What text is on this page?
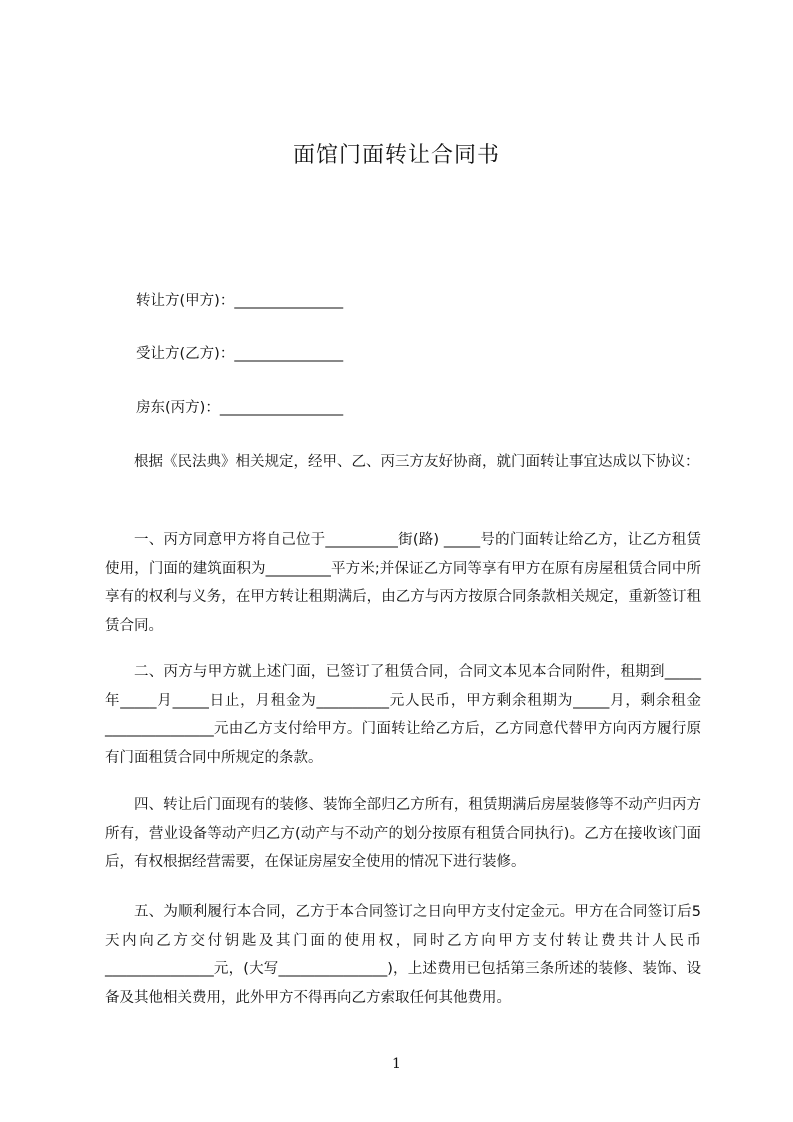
面馆门面转让合同书
转让方(甲方)：_______________
受让方(乙方)：_______________
房东(丙方)：_________________

根据《民法典》相关规定，经甲、乙、丙三方友好协商，就门面转让事宜达成以下协议：

一、丙方同意甲方将自己位于__________街(路) _____号的门面转让给乙方，让乙方租赁使用，门面的建筑面积为_________平方米;并保证乙方同等享有甲方在原有房屋租赁合同中所享有的权利与义务，在甲方转让租期满后，由乙方与丙方按原合同条款相关规定，重新签订租赁合同。

二、丙方与甲方就上述门面，已签订了租赁合同，合同文本见本合同附件，租期到_____年_____月_____日止，月租金为__________元人民币，甲方剩余租期为_____月，剩余租金_______________元由乙方支付给甲方。门面转让给乙方后，乙方同意代替甲方向丙方履行原有门面租赁合同中所规定的条款。

四、转让后门面现有的装修、装饰全部归乙方所有，租赁期满后房屋装修等不动产归丙方所有，营业设备等动产归乙方(动产与不动产的划分按原有租赁合同执行)。乙方在接收该门面后，有权根据经营需要，在保证房屋安全使用的情况下进行装修。

五、为顺利履行本合同，乙方于本合同签订之日向甲方支付定金元。甲方在合同签订后5天内向乙方交付钥匙及其门面的使用权，同时乙方向甲方支付转让费共计人民币_______________元，(大写_______________)，上述费用已包括第三条所述的装修、装饰、设备及其他相关费用，此外甲方不得再向乙方索取任何其他费用。

1
